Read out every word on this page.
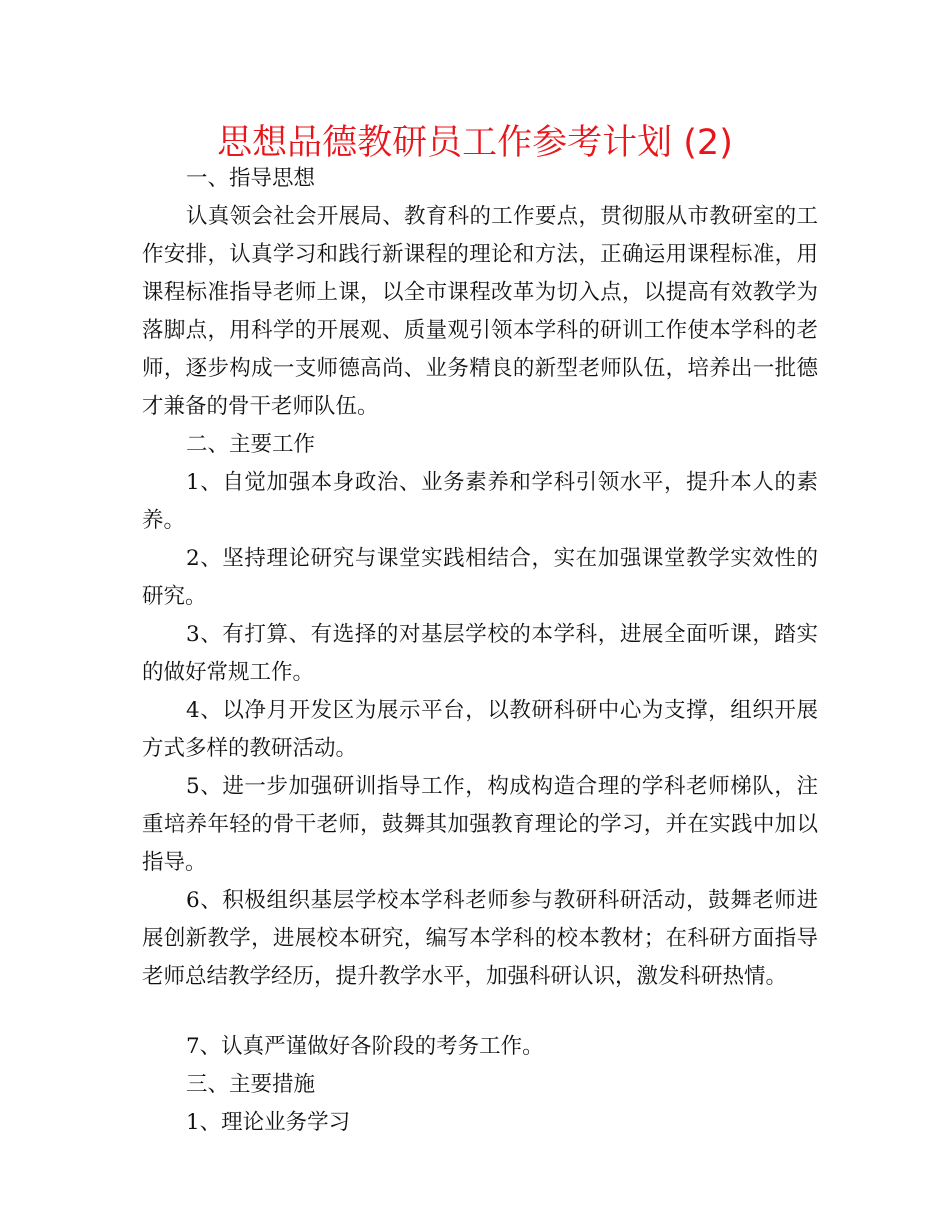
思想品德教研员工作参考计划 (2)

一、指导思想

认真领会社会开展局、教育科的工作要点，贯彻服从市教研室的工作安排，认真学习和践行新课程的理论和方法，正确运用课程标准，用课程标准指导老师上课，以全市课程改革为切入点，以提高有效教学为落脚点，用科学的开展观、质量观引领本学科的研训工作使本学科的老师，逐步构成一支师德高尚、业务精良的新型老师队伍，培养出一批德才兼备的骨干老师队伍。

二、主要工作

1、自觉加强本身政治、业务素养和学科引领水平，提升本人的素养。

2、坚持理论研究与课堂实践相结合，实在加强课堂教学实效性的研究。

3、有打算、有选择的对基层学校的本学科，进展全面听课，踏实的做好常规工作。

4、以净月开发区为展示平台，以教研科研中心为支撑，组织开展方式多样的教研活动。

5、进一步加强研训指导工作，构成构造合理的学科老师梯队，注重培养年轻的骨干老师，鼓舞其加强教育理论的学习，并在实践中加以指导。

6、积极组织基层学校本学科老师参与教研科研活动，鼓舞老师进展创新教学，进展校本研究，编写本学科的校本教材；在科研方面指导老师总结教学经历，提升教学水平，加强科研认识，激发科研热情。

7、认真严谨做好各阶段的考务工作。

三、主要措施

1、理论业务学习
